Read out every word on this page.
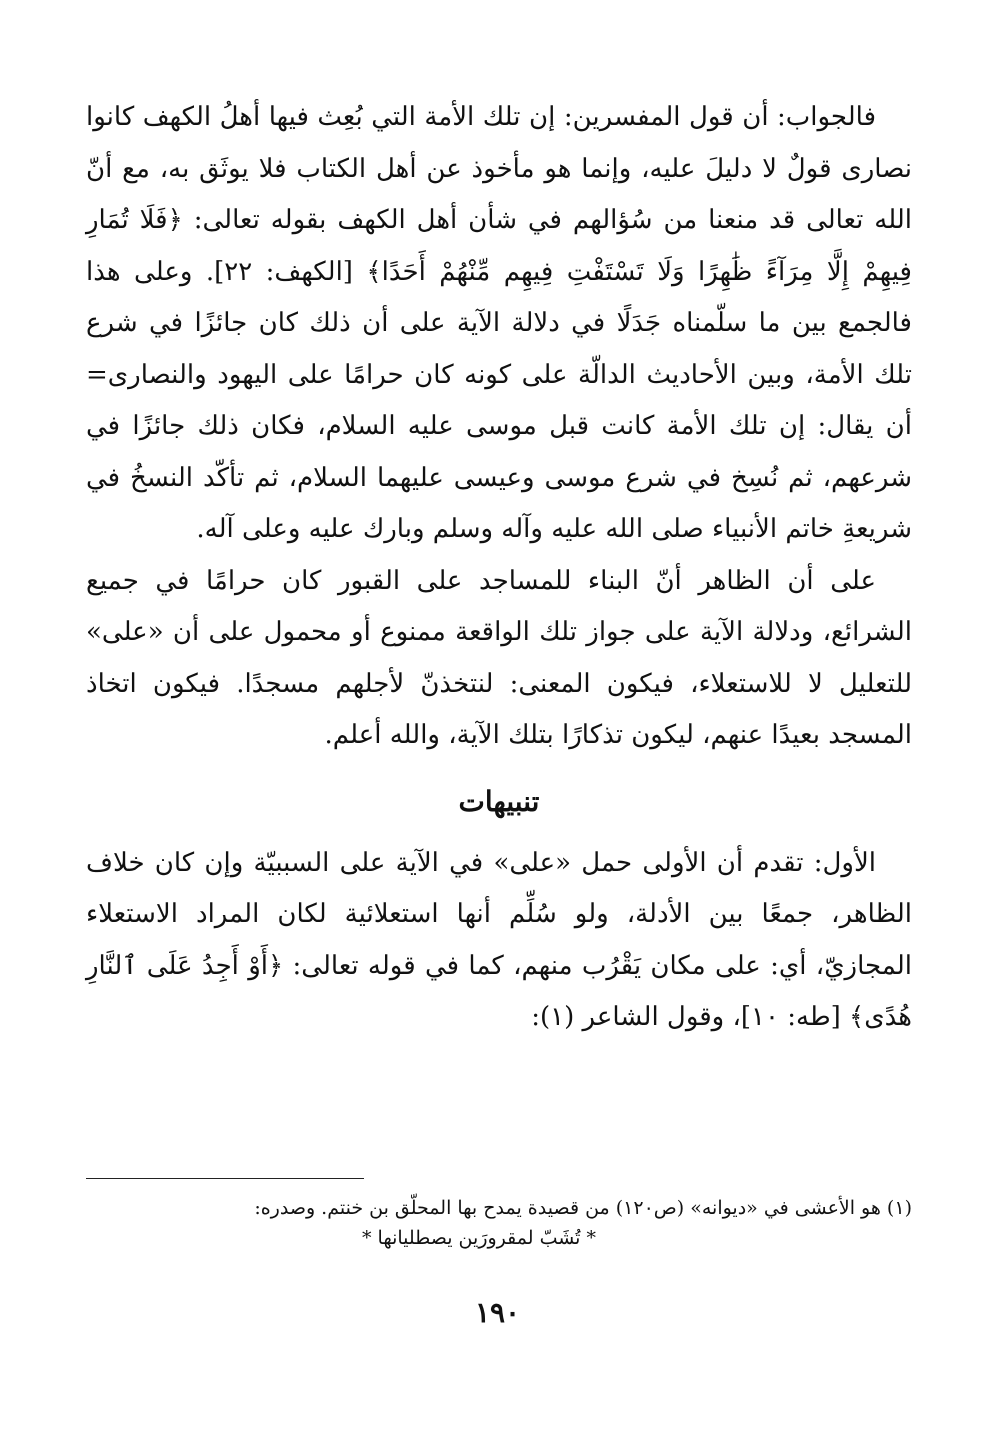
فالجواب: أن قول المفسرين: إن تلك الأمة التي بُعِث فيها أهلُ الكهف كانوا نصارى قولٌ لا دليلَ عليه، وإنما هو مأخوذ عن أهل الكتاب فلا يوثَق به، مع أنّ الله تعالى قد منعنا من سُؤالهم في شأن أهل الكهف بقوله تعالى: ﴿فَلَا تُمَارِ فِيهِمْ إِلَّا مِرَآءً ظَٰهِرًا وَلَا تَسْتَفْتِ فِيهِم مِّنْهُمْ أَحَدًا﴾ [الكهف: ٢٢]. وعلى هذا فالجمع بين ما سلّمناه جَدَلًا في دلالة الآية على أن ذلك كان جائزًا في شرع تلك الأمة، وبين الأحاديث الدالّة على كونه كان حرامًا على اليهود والنصارى= أن يقال: إن تلك الأمة كانت قبل موسى عليه السلام، فكان ذلك جائزًا في شرعهم، ثم نُسِخ في شرع موسى وعيسى عليهما السلام، ثم تأكّد النسخُ في شريعةِ خاتم الأنبياء صلى الله عليه وآله وسلم وبارك عليه وعلى آله.

على أن الظاهر أنّ البناء للمساجد على القبور كان حرامًا في جميع الشرائع، ودلالة الآية على جواز تلك الواقعة ممنوع أو محمول على أن «على» للتعليل لا للاستعلاء، فيكون المعنى: لنتخذنّ لأجلهم مسجدًا. فيكون اتخاذ المسجد بعيدًا عنهم، ليكون تذكارًا بتلك الآية، والله أعلم.

تنبيهات

الأول: تقدم أن الأولى حمل «على» في الآية على السببيّة وإن كان خلاف الظاهر، جمعًا بين الأدلة، ولو سُلِّم أنها استعلائية لكان المراد الاستعلاء المجازيّ، أي: على مكان يَقْرُب منهم، كما في قوله تعالى: ﴿أَوْ أَجِدُ عَلَى ٱلنَّارِ هُدًى﴾ [طه: ١٠]، وقول الشاعر (١):

(١) هو الأعشى في «ديوانه» (ص١٢٠) من قصيدة يمدح بها المحلّق بن خنتم. وصدره:

* تُشَبّ لمقرورَين يصطليانها *

١٩٠
